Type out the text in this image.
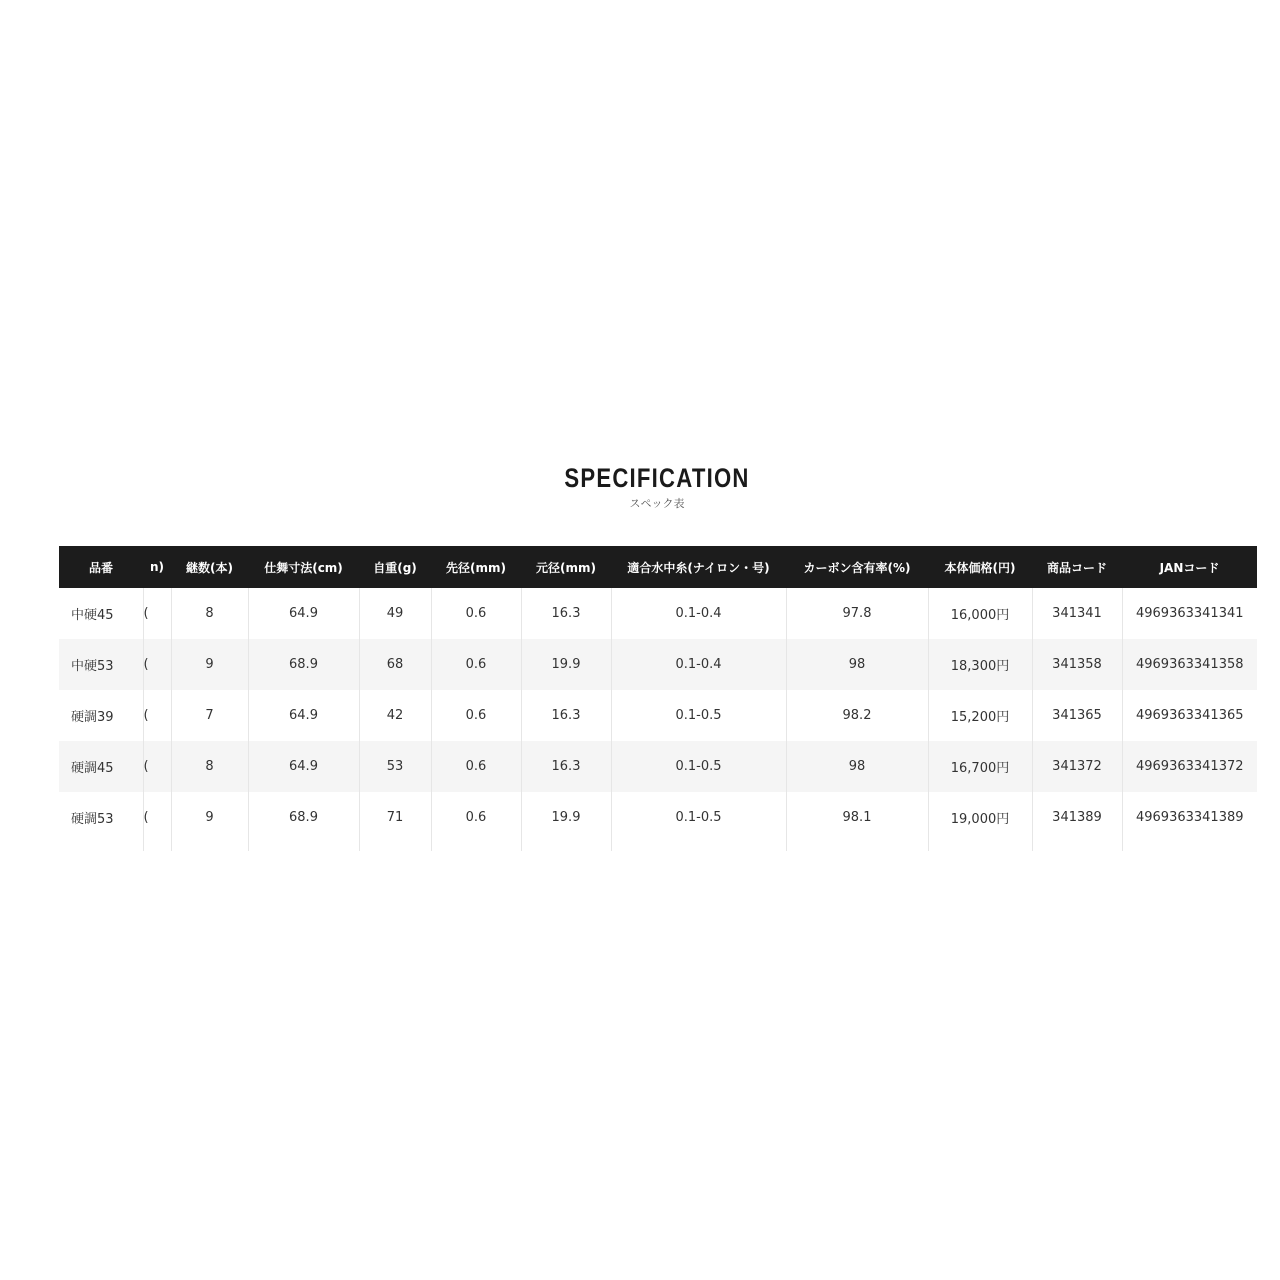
SPECIFICATION
スペック表
品番	n)	継数(本)	仕舞寸法(cm)	自重(g)	先径(mm)	元径(mm)	適合水中糸(ナイロン・号)	カーボン含有率(%)	本体価格(円)	商品コード	JANコード
中硬45	)	8	64.9	49	0.6	16.3	0.1-0.4	97.8	16,000円	341341	4969363341341
中硬53	)	9	68.9	68	0.6	19.9	0.1-0.4	98	18,300円	341358	4969363341358
硬調39	)	7	64.9	42	0.6	16.3	0.1-0.5	98.2	15,200円	341365	4969363341365
硬調45	)	8	64.9	53	0.6	16.3	0.1-0.5	98	16,700円	341372	4969363341372
硬調53	)	9	68.9	71	0.6	19.9	0.1-0.5	98.1	19,000円	341389	4969363341389
